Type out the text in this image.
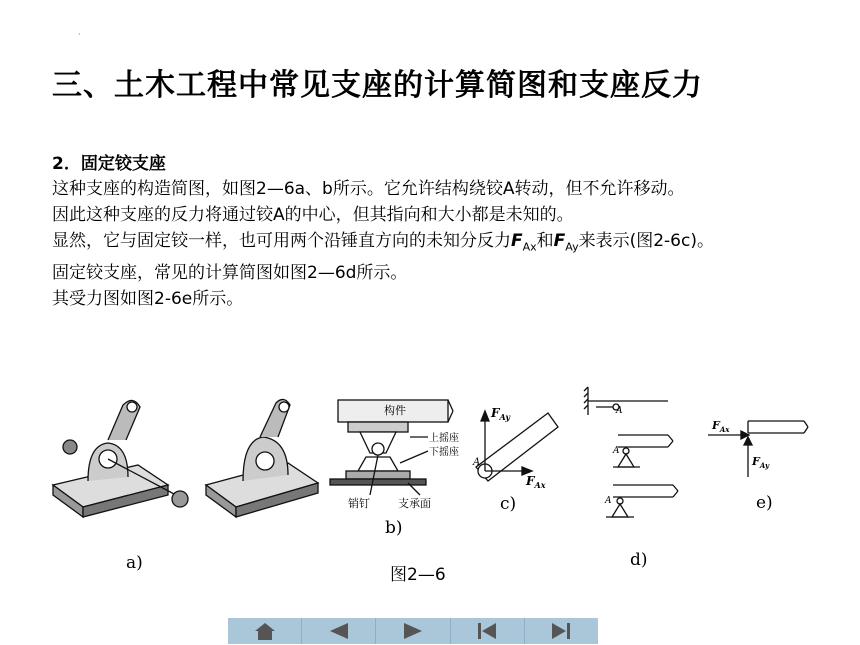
·
三、土木工程中常见支座的计算简图和支座反力
2．固定铰支座
这种支座的构造简图，如图2—6a、b所示。它允许结构绕铰A转动，但不允许移动。
因此这种支座的反力将通过铰A的中心，但其指向和大小都是未知的。
显然，它与固定铰一样，也可用两个沿锤直方向的未知分反力$F_{Ax}$和$F_{Ay}$来表示(图2-6c)。
固定铰支座，常见的计算简图如图2—6d所示。
其受力图如图2-6e所示。
a)
构件
上摇座
下摇座
销钉	支承面
b)
$F_{Ay}$
$F_{Ax}$
A
c)
A
A
A
d)
$F_{Ax}$
$F_{Ay}$
e)
图2—6
